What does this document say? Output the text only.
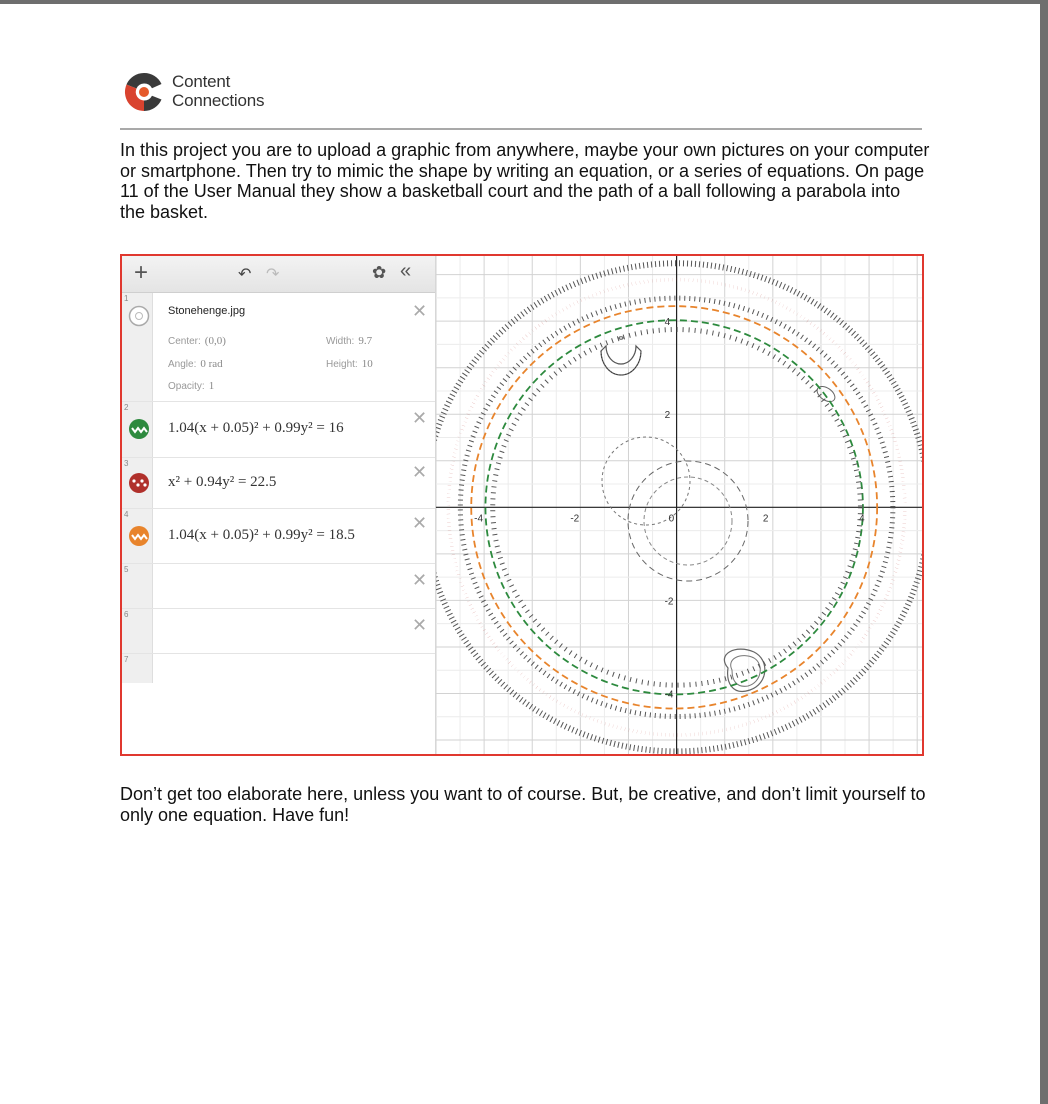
Content
Connections
In this project you are to upload a graphic from anywhere, maybe your own pictures on your computer or smartphone. Then try to mimic the shape by writing an equation, or a series of equations. On page 11 of the User Manual they show a basketball court and the path of a ball following a parabola into the basket.
+	↶ ↷	✿ «
1
Stonehenge.jpg	✕
Center: (0,0)	Width: 9.7
Angle: 0 rad	Height: 10
Opacity: 1
2
1.04(x + 0.05)² + 0.99y² = 16	✕
3
x² + 0.94y² = 22.5	✕
4
1.04(x + 0.05)² + 0.99y² = 18.5
✕
5
✕
6
✕
7
-4	-2	0	2	4
4
2
-2
-4
Don’t get too elaborate here, unless you want to of course. But, be creative, and don’t limit yourself to only one equation. Have fun!
